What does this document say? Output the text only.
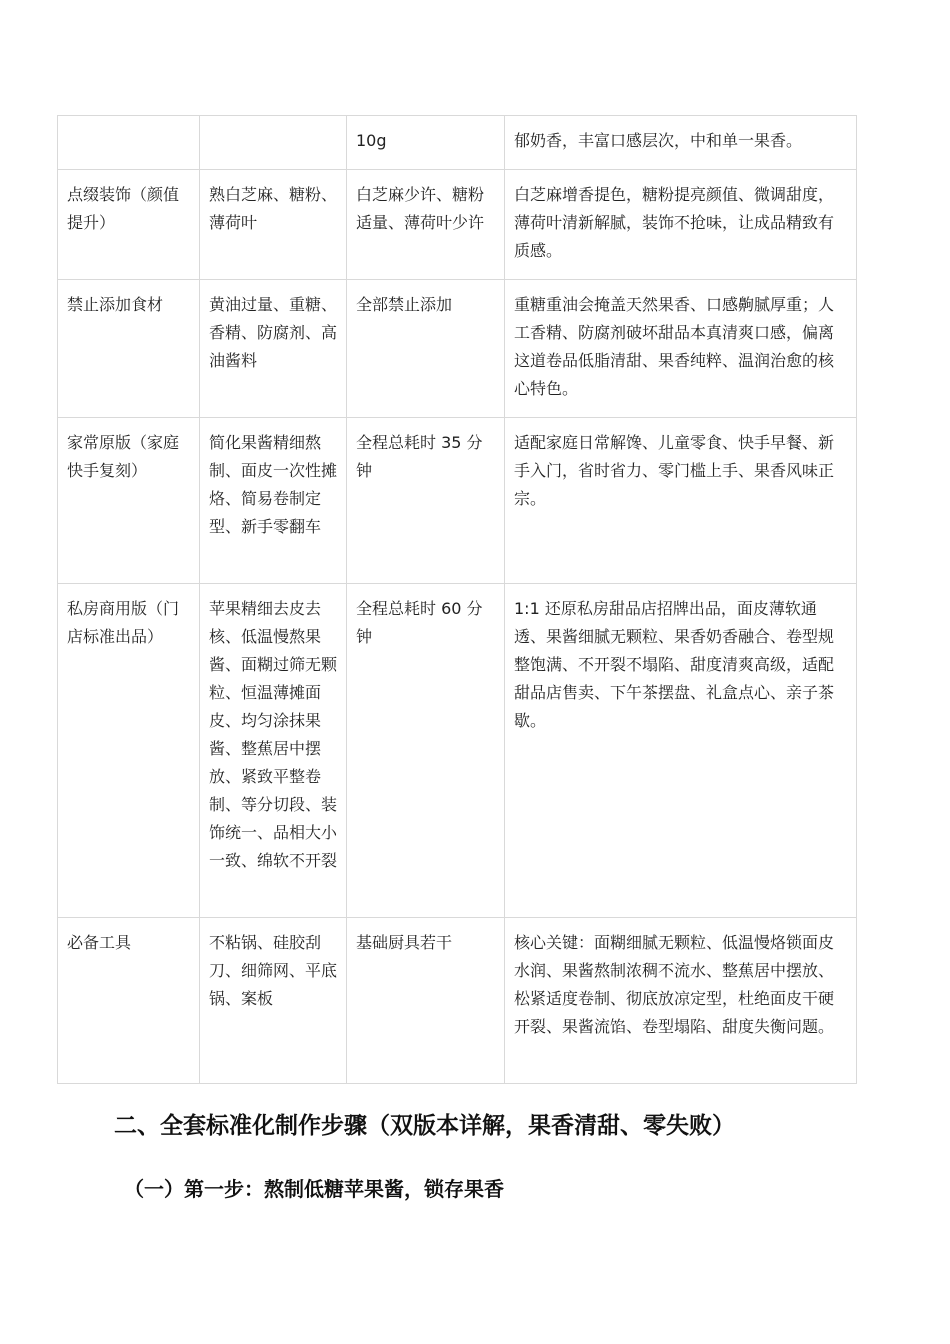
		10g	郁奶香，丰富口感层次，中和单一果香。
点缀装饰（颜值提升）	熟白芝麻、糖粉、薄荷叶	白芝麻少许、糖粉适量、薄荷叶少许	白芝麻增香提色，糖粉提亮颜值、微调甜度，薄荷叶清新解腻，装饰不抢味，让成品精致有质感。
禁止添加食材	黄油过量、重糖、香精、防腐剂、高油酱料	全部禁止添加	重糖重油会掩盖天然果香、口感齁腻厚重；人工香精、防腐剂破坏甜品本真清爽口感，偏离这道卷品低脂清甜、果香纯粹、温润治愈的核心特色。
家常原版（家庭快手复刻）	简化果酱精细熬制、面皮一次性摊烙、简易卷制定型、新手零翻车	全程总耗时 35 分钟	适配家庭日常解馋、儿童零食、快手早餐、新手入门，省时省力、零门槛上手、果香风味正宗。
私房商用版（门店标准出品）	苹果精细去皮去核、低温慢熬果酱、面糊过筛无颗粒、恒温薄摊面皮、均匀涂抹果酱、整蕉居中摆放、紧致平整卷制、等分切段、装饰统一、品相大小一致、绵软不开裂	全程总耗时 60 分钟	1:1 还原私房甜品店招牌出品，面皮薄软通透、果酱细腻无颗粒、果香奶香融合、卷型规整饱满、不开裂不塌陷、甜度清爽高级，适配甜品店售卖、下午茶摆盘、礼盒点心、亲子茶歇。
必备工具	不粘锅、硅胶刮刀、细筛网、平底锅、案板	基础厨具若干	核心关键：面糊细腻无颗粒、低温慢烙锁面皮水润、果酱熬制浓稠不流水、整蕉居中摆放、松紧适度卷制、彻底放凉定型，杜绝面皮干硬开裂、果酱流馅、卷型塌陷、甜度失衡问题。
二、全套标准化制作步骤（双版本详解，果香清甜、零失败）
（一）第一步：熬制低糖苹果酱，锁存果香
